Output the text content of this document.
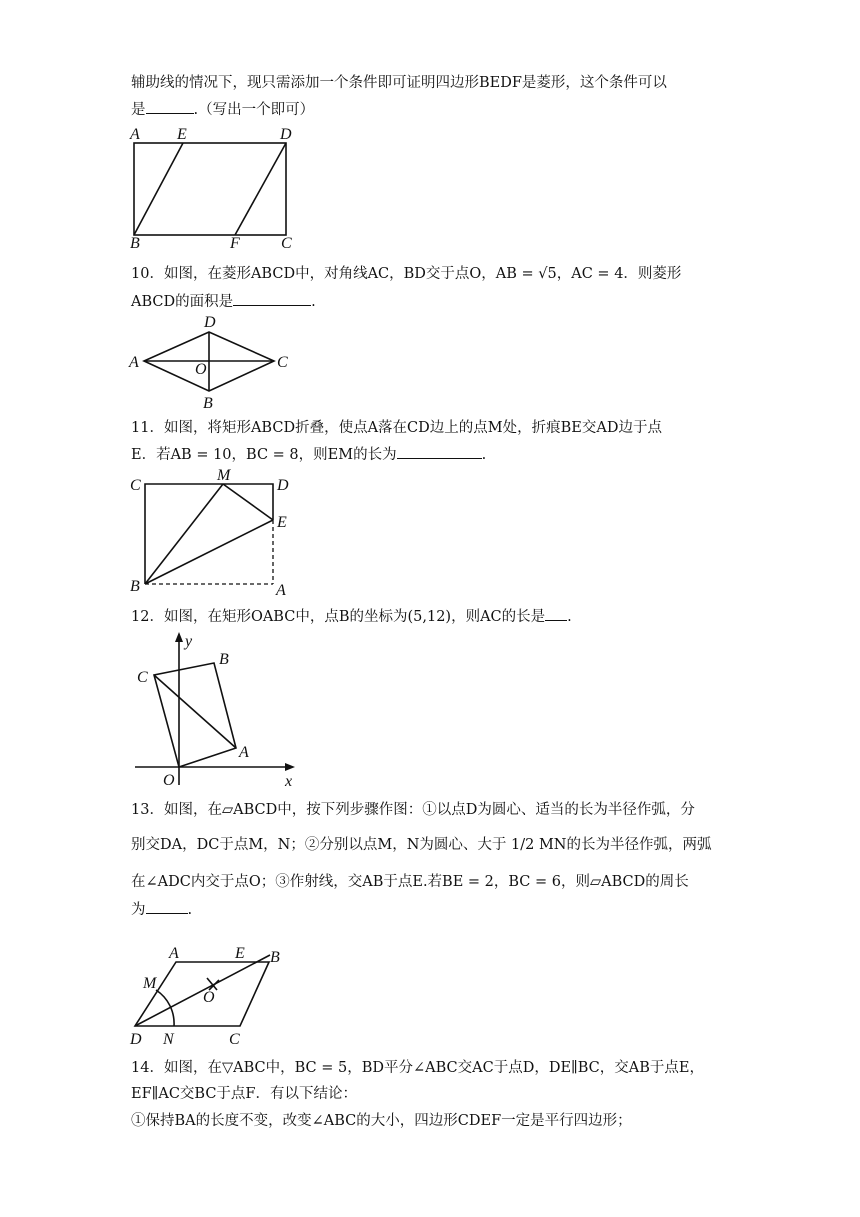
辅助线的情况下，现只需添加一个条件即可证明四边形BEDF是菱形，这个条件可以
是	.（写出一个即可）
A E	D
B	F	C
10．如图，在菱形ABCD中，对角线AC，BD交于点O，AB = √5，AC = 4．则菱形
ABCD的面积是	.
A
D
C
B
O
11．如图，将矩形ABCD折叠，使点A落在CD边上的点M处，折痕BE交AD边于点
E．若AB = 10，BC = 8，则EM的长为	.
C
M
D
E
B	A
12．如图，在矩形OABC中，点B的坐标为(5,12)，则AC的长是 .
y
x
B
C
A
O
13．如图，在▱ABCD中，按下列步骤作图：①以点D为圆心、适当的长为半径作弧，分
别交DA，DC于点M，N；②分别以点M，N为圆心、大于 1/2 MN的长为半径作弧，两弧
在∠ADC内交于点O；③作射线，交AB于点E.若BE = 2，BC = 6，则▱ABCD的周长
为	.
A	E B
M
O
D N	C
14．如图，在▽ABC中，BC = 5，BD平分∠ABC交AC于点D，DE∥BC，交AB于点E，
EF∥AC交BC于点F．有以下结论：
①保持BA的长度不变，改变∠ABC的大小，四边形CDEF一定是平行四边形；
